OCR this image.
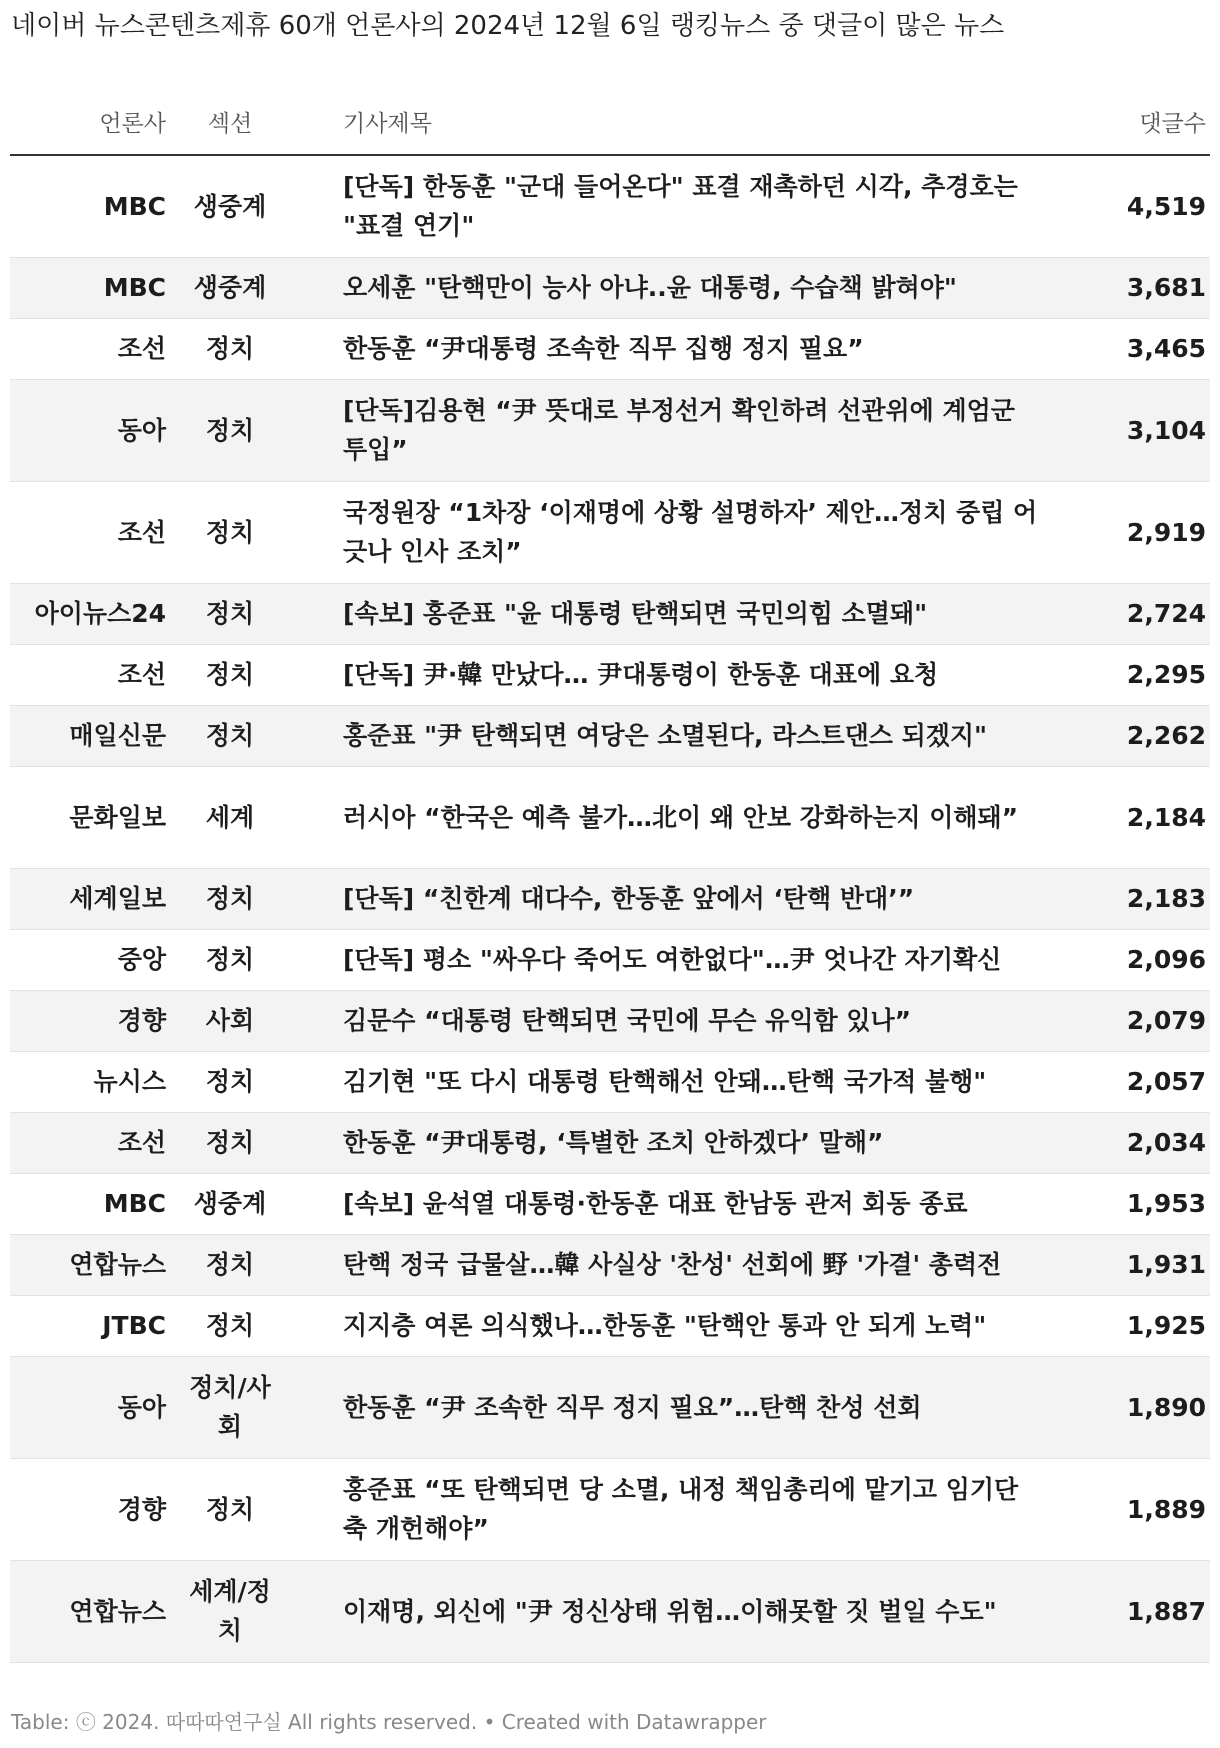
네이버 뉴스콘텐츠제휴 60개 언론사의 2024년 12월 6일 랭킹뉴스 중 댓글이 많은 뉴스
언론사	섹션	기사제목	댓글수
MBC	생중계	[단독] 한동훈 "군대 들어온다" 표결 재촉하던 시각, 추경호는 "표결 연기"	4,519
MBC	생중계	오세훈 "탄핵만이 능사 아냐..윤 대통령, 수습책 밝혀야"	3,681
조선	정치	한동훈 “尹대통령 조속한 직무 집행 정지 필요”	3,465
동아	정치	[단독]김용현 “尹 뜻대로 부정선거 확인하려 선관위에 계엄군 투입”	3,104
조선	정치	국정원장 “1차장 ‘이재명에 상황 설명하자’ 제안…정치 중립 어긋나 인사 조치”	2,919
아이뉴스24	정치	[속보] 홍준표 "윤 대통령 탄핵되면 국민의힘 소멸돼"	2,724
조선	정치	[단독] 尹·韓 만났다… 尹대통령이 한동훈 대표에 요청	2,295
매일신문	정치	홍준표 "尹 탄핵되면 여당은 소멸된다, 라스트댄스 되겠지"	2,262
문화일보	세계	러시아 “한국은 예측 불가…北이 왜 안보 강화하는지 이해돼”	2,184
세계일보	정치	[단독] “친한계 대다수, 한동훈 앞에서 ‘탄핵 반대’”	2,183
중앙	정치	[단독] 평소 "싸우다 죽어도 여한없다"…尹 엇나간 자기확신	2,096
경향	사회	김문수 “대통령 탄핵되면 국민에 무슨 유익함 있나”	2,079
뉴시스	정치	김기현 "또 다시 대통령 탄핵해선 안돼…탄핵 국가적 불행"	2,057
조선	정치	한동훈 “尹대통령, ‘특별한 조치 안하겠다’ 말해”	2,034
MBC	생중계	[속보] 윤석열 대통령·한동훈 대표 한남동 관저 회동 종료	1,953
연합뉴스	정치	탄핵 정국 급물살…韓 사실상 '찬성' 선회에 野 '가결' 총력전	1,931
JTBC	정치	지지층 여론 의식했나…한동훈 "탄핵안 통과 안 되게 노력"	1,925
동아	정치/사회	한동훈 “尹 조속한 직무 정지 필요”…탄핵 찬성 선회	1,890
경향	정치	홍준표 “또 탄핵되면 당 소멸, 내정 책임총리에 맡기고 임기단축 개헌해야”	1,889
연합뉴스	세계/정치	이재명, 외신에 "尹 정신상태 위험…이해못할 짓 벌일 수도"	1,887
Table: ⓒ 2024. 따따따연구실 All rights reserved. • Created with Datawrapper
